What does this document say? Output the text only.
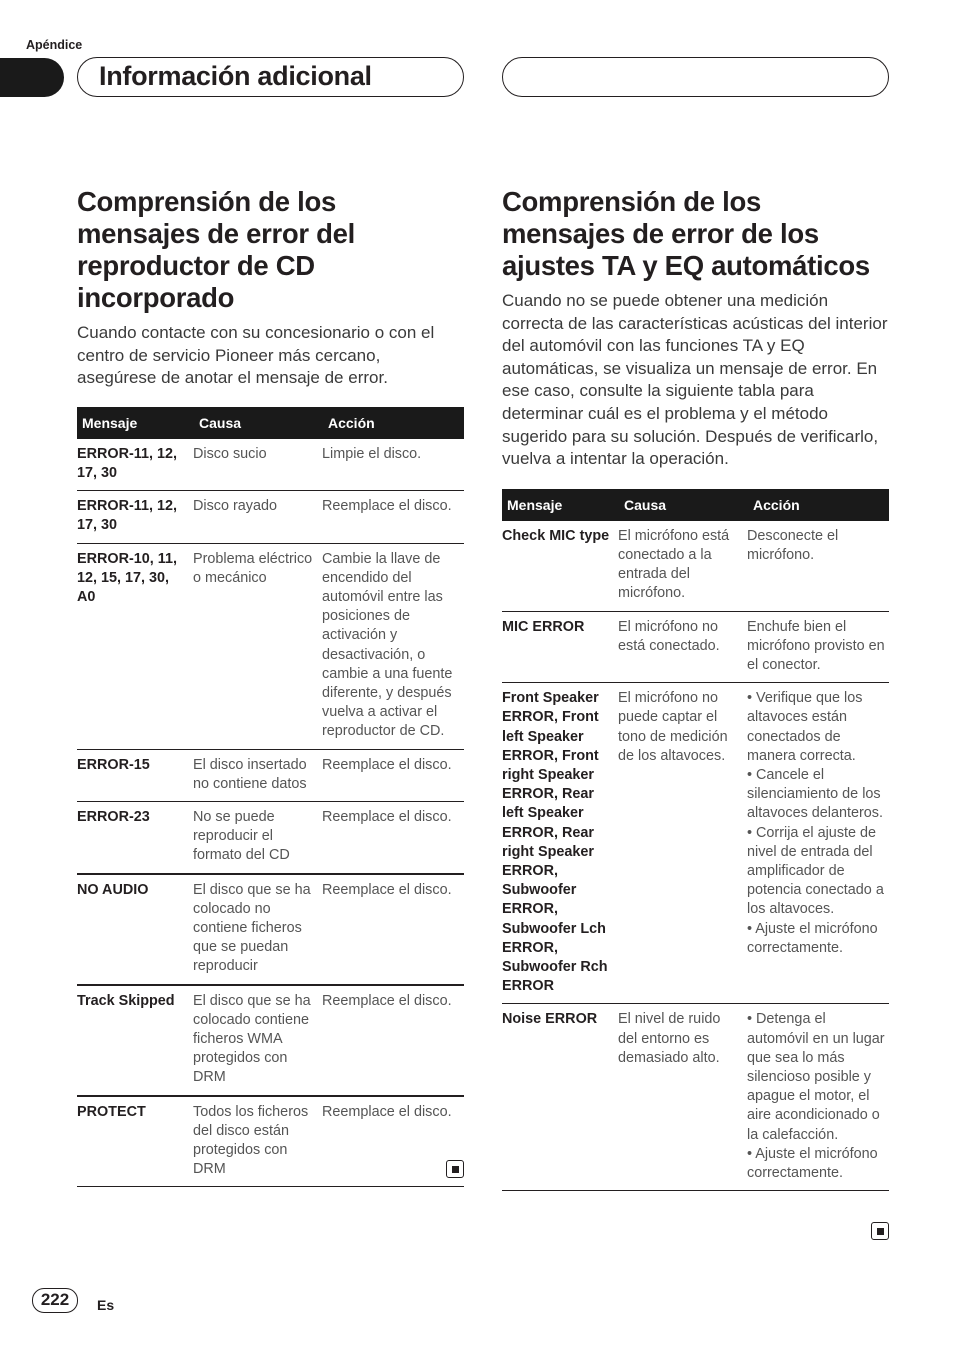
Apéndice
Información adicional
Comprensión de los mensajes de error del reproductor de CD incorporado

Cuando contacte con su concesionario o con el centro de servicio Pioneer más cercano, asegúrese de anotar el mensaje de error.

Mensaje	Causa	Acción
ERROR-11, 12, 17, 30	Disco sucio	Limpie el disco.
ERROR-11, 12, 17, 30	Disco rayado	Reemplace el disco.
ERROR-10, 11, 12, 15, 17, 30, A0	Problema eléctrico o mecánico	Cambie la llave de encendido del automóvil entre las posiciones de activación y desactivación, o cambie a una fuente diferente, y después vuelva a activar el reproductor de CD.
ERROR-15	El disco insertado no contiene datos	Reemplace el disco.
ERROR-23	No se puede reproducir el formato del CD	Reemplace el disco.
NO AUDIO	El disco que se ha colocado no contiene ficheros que se puedan reproducir	Reemplace el disco.
Track Skipped	El disco que se ha colocado contiene ficheros WMA protegidos con DRM	Reemplace el disco.
PROTECT	Todos los ficheros del disco están protegidos con DRM	Reemplace el disco.
Comprensión de los mensajes de error de los ajustes TA y EQ automáticos

Cuando no se puede obtener una medición correcta de las características acústicas del interior del automóvil con las funciones TA y EQ automáticas, se visualiza un mensaje de error. En ese caso, consulte la siguiente tabla para determinar cuál es el problema y el método sugerido para su solución. Después de verificarlo, vuelva a intentar la operación.

Mensaje	Causa	Acción
Check MIC type	El micrófono está conectado a la entrada del micrófono.	Desconecte el micrófono.
MIC ERROR	El micrófono no está conectado.	Enchufe bien el micrófono provisto en el conector.
Front Speaker ERROR, Front left Speaker ERROR, Front right Speaker ERROR, Rear left Speaker ERROR, Rear right Speaker ERROR, Subwoofer ERROR, Subwoofer Lch ERROR, Subwoofer Rch ERROR	El micrófono no puede captar el tono de medición de los altavoces.	• Verifique que los altavoces están conectados de manera correcta.
• Cancele el silenciamiento de los altavoces delanteros.
• Corrija el ajuste de nivel de entrada del amplificador de potencia conectado a los altavoces.
• Ajuste el micrófono correctamente.
Noise ERROR	El nivel de ruido del entorno es demasiado alto.	• Detenga el automóvil en un lugar que sea lo más silencioso posible y apague el motor, el aire acondicionado o la calefacción.
• Ajuste el micrófono correctamente.
222	Es
